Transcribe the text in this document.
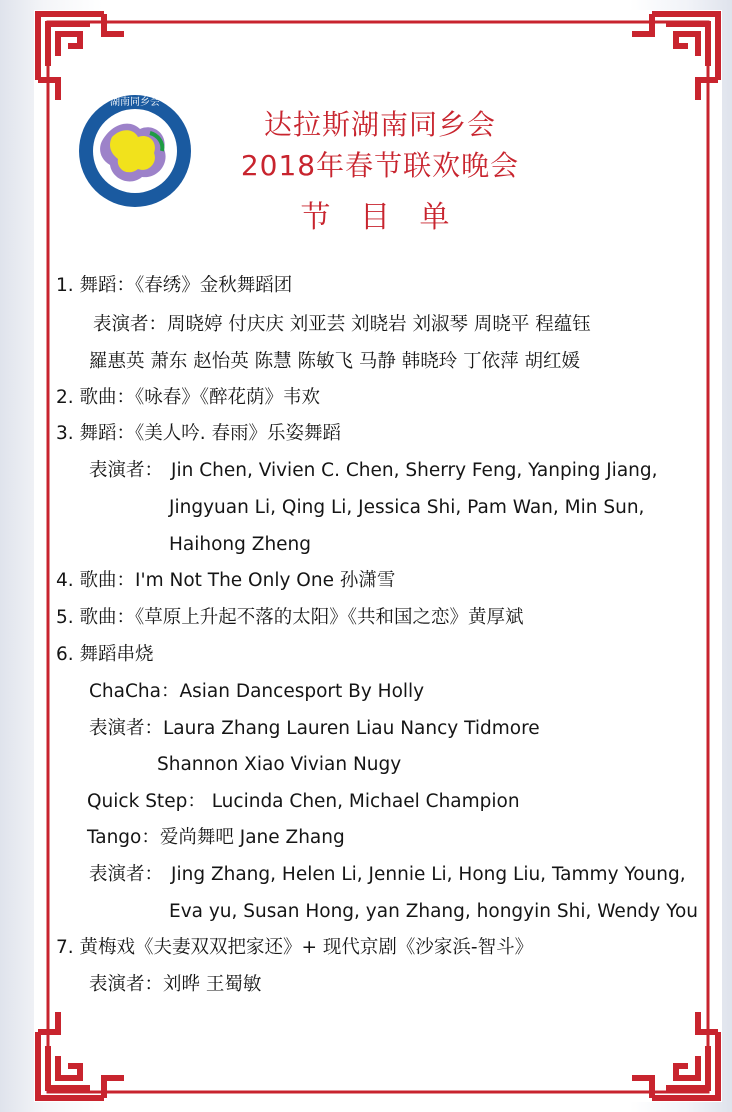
HUNAN ASSOCIATION OF DALLAS
湖南同乡会
达拉斯湖南同乡会
2018年春节联欢晚会
节 目 单
1. 舞蹈：《春绣》金秋舞蹈团
表演者：周晓婷 付庆庆 刘亚芸 刘晓岩 刘淑琴 周晓平 程蕴钰
羅惠英 萧东 赵怡英 陈慧 陈敏飞 马静 韩晓玲 丁依萍 胡红媛
2. 歌曲：《咏春》《醉花荫》韦欢
3. 舞蹈：《美人吟. 春雨》乐姿舞蹈
表演者： Jin Chen, Vivien C. Chen, Sherry Feng, Yanping Jiang,
Jingyuan Li, Qing Li, Jessica Shi, Pam Wan, Min Sun,
Haihong Zheng
4. 歌曲：I'm Not The Only One 孙潇雪
5. 歌曲：《草原上升起不落的太阳》《共和国之恋》黄厚斌
6. 舞蹈串烧
ChaCha：Asian Dancesport By Holly
表演者：Laura Zhang Lauren Liau Nancy Tidmore
Shannon Xiao Vivian Nugy
Quick Step： Lucinda Chen, Michael Champion
Tango：爱尚舞吧 Jane Zhang
表演者： Jing Zhang, Helen Li, Jennie Li, Hong Liu, Tammy Young,
Eva yu, Susan Hong, yan Zhang, hongyin Shi, Wendy You
7. 黄梅戏《夫妻双双把家还》+ 现代京剧《沙家浜-智斗》
表演者：刘晔 王蜀敏
